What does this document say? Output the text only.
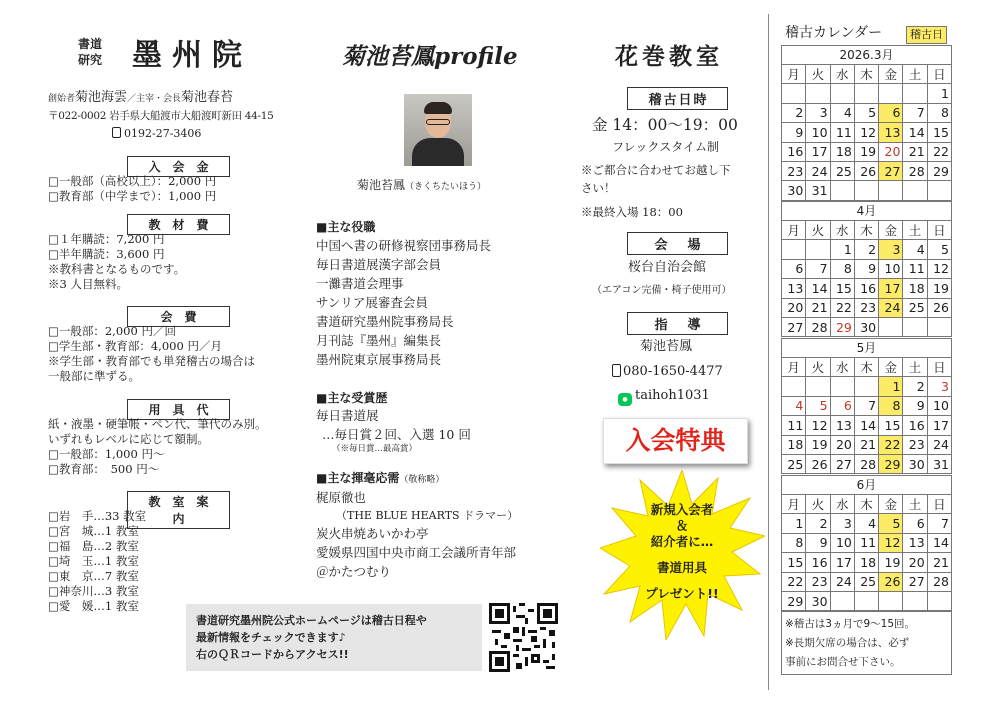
書道
研究 墨州院
創始者菊池海雲／主宰・会長菊池春苔
〒022-0002 岩手県大船渡市大船渡町新田 44-15
0192-27-3406
入会金
□一般部（高校以上）：2,000 円
□教育部（中学まで）：1,000 円
教材費
□１年購読：7,200 円
□半年購読：3,600 円
※教科書となるものです。
※3 人目無料。
会費
□一般部：2,000 円／回
□学生部・教育部：4,000 円／月
※学生部・教育部でも単発稽古の場合は
一般部に準ずる。
用具代
紙・液墨・硬筆帳・ペン代、筆代のみ別。
いずれもレベルに応じて額制。
□一般部：1,000 円～
□教育部：　500 円～
教室案内
□岩　手…33 教室
□宮　城…1 教室
□福　島…2 教室
□埼　玉…1 教室
□東　京…7 教室
□神奈川…3 教室
□愛　媛…1 教室
菊池苔鳳profile
菊池苔鳳（きくちたいほう）
■主な役職
中国へ書の研修視察団事務局長
毎日書道展漢字部会員
一灘書道会理事
サンリア展審査会員
書道研究墨州院事務局長
月刊誌『墨州』編集長
墨州院東京展事務局長
■主な受賞歴
毎日書道展
…毎日賞２回、入選 10 回
（※毎日賞…最高賞）
■主な揮毫応需（敬称略）
梶原徹也
（THE BLUE HEARTS ドラマー）
炭火串焼あいかわ亭
愛媛県四国中央市商工会議所青年部
＠かたつむり
書道研究墨州院公式ホームページは稽古日程や
最新情報をチェックできます♪
右のＱＲコードからアクセス!!
花巻教室
稽古日時
金 14：00～19：00
フレックスタイム制
※ご都合に合わせてお越し下
さい！
※最終入場 18：00
会場
桜台自治会館
（エアコン完備・椅子使用可）
指導
菊池苔鳳
080-1650-4477
● taihoh1031
入会特典
新規入会者
＆
紹介者に…
書道用具
プレゼント!!
稽古カレンダー	稽古日
2026.3月
月	火	水	木	金	土	日
						1
2	3	4	5	6	7	8
9	10	11	12	13	14	15
16	17	18	19	20	21	22
23	24	25	26	27	28	29
30	31					
4月
月	火	水	木	金	土	日
		1	2	3	4	5
6	7	8	9	10	11	12
13	14	15	16	17	18	19
20	21	22	23	24	25	26
27	28	29	30			
5月
月	火	水	木	金	土	日
				1	2	3
4	5	6	7	8	9	10
11	12	13	14	15	16	17
18	19	20	21	22	23	24
25	26	27	28	29	30	31
6月
月	火	水	木	金	土	日
1	2	3	4	5	6	7
8	9	10	11	12	13	14
15	16	17	18	19	20	21
22	23	24	25	26	27	28
29	30					
※稽古は3ヵ月で9～15回。
※長期欠席の場合は、必ず
事前にお問合せ下さい。
